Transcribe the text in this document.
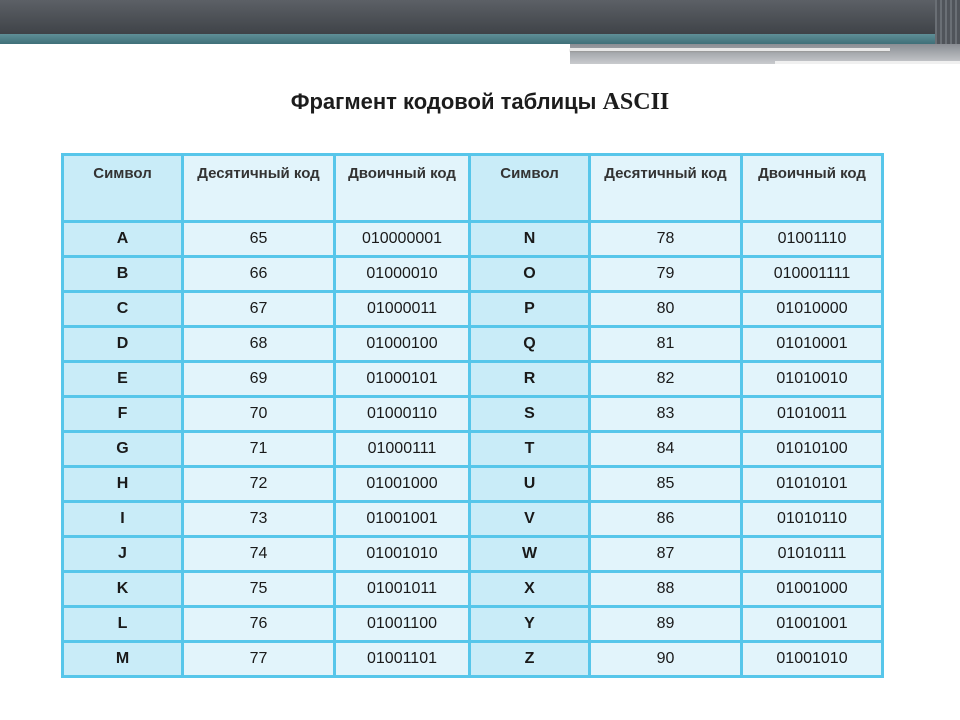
Фрагмент кодовой таблицы ASCII
Символ	Десятичный код	Двоичный код	Символ	Десятичный код	Двоичный код
A	65	010000001	N	78	01001110
B	66	01000010	O	79	010001111
C	67	01000011	P	80	01010000
D	68	01000100	Q	81	01010001
E	69	01000101	R	82	01010010
F	70	01000110	S	83	01010011
G	71	01000111	T	84	01010100
H	72	01001000	U	85	01010101
I	73	01001001	V	86	01010110
J	74	01001010	W	87	01010111
K	75	01001011	X	88	01001000
L	76	01001100	Y	89	01001001
M	77	01001101	Z	90	01001010
